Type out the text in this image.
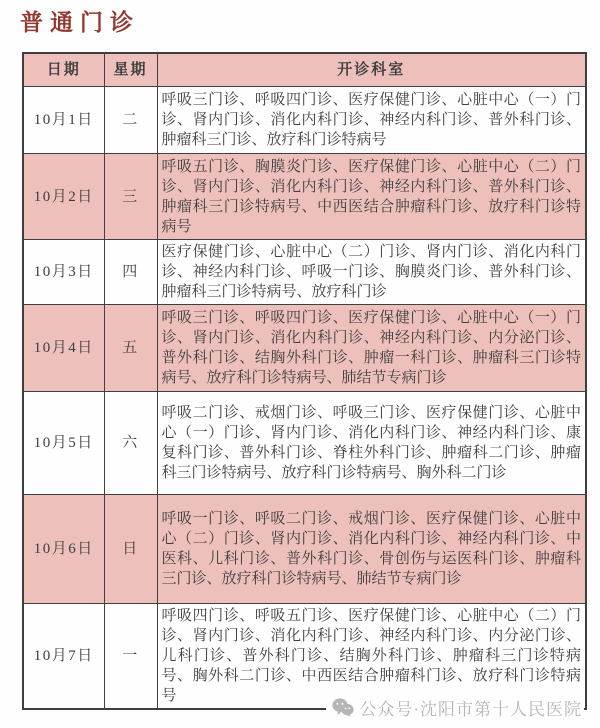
普通门诊
日期	星期	开诊科室
10月1日	二	呼吸三门诊、呼吸四门诊、医疗保健门诊、心脏中心（一）门诊、肾内门诊、消化内科门诊、神经内科门诊、普外科门诊、肿瘤科三门诊、放疗科门诊特病号
10月2日	三	呼吸五门诊、胸膜炎门诊、医疗保健门诊、心脏中心（二）门诊、肾内门诊、消化内科门诊、神经内科门诊、普外科门诊、肿瘤科三门诊特病号、中西医结合肿瘤科门诊、放疗科门诊特病号
10月3日	四	医疗保健门诊、心脏中心（二）门诊、肾内门诊、消化内科门诊、神经内科门诊、呼吸一门诊、胸膜炎门诊、普外科门诊、肿瘤科三门诊特病号、放疗科门诊
10月4日	五	呼吸三门诊、呼吸四门诊、医疗保健门诊、心脏中心（一）门诊、肾内门诊、消化内科门诊、神经内科门诊、内分泌门诊、普外科门诊、结胸外科门诊、肿瘤一科门诊、肿瘤科三门诊特病号、放疗科门诊特病号、肺结节专病门诊
10月5日	六	呼吸二门诊、戒烟门诊、呼吸三门诊、医疗保健门诊、心脏中心（一）门诊、肾内门诊、消化内科门诊、神经内科门诊、康复科门诊、普外科门诊、脊柱外科门诊、肿瘤科二门诊、肿瘤科三门诊特病号、放疗科门诊特病号、胸外科二门诊
10月6日	日	呼吸一门诊、呼吸二门诊、戒烟门诊、医疗保健门诊、心脏中心（二）门诊、肾内门诊、消化内科门诊、神经内科门诊、中医科、儿科门诊、普外科门诊、骨创伤与运医科门诊、肿瘤科三门诊、放疗科门诊特病号、肺结节专病门诊
10月7日	一	呼吸四门诊、呼吸五门诊、医疗保健门诊、心脏中心（二）门诊、肾内门诊、消化内科门诊、神经内科门诊、内分泌门诊、儿科门诊、普外科门诊、结胸外科门诊、肿瘤科三门诊特病号、胸外科二门诊、中西医结合肿瘤科门诊、放疗科门诊特病号
公众号·沈阳市第十人民医院
